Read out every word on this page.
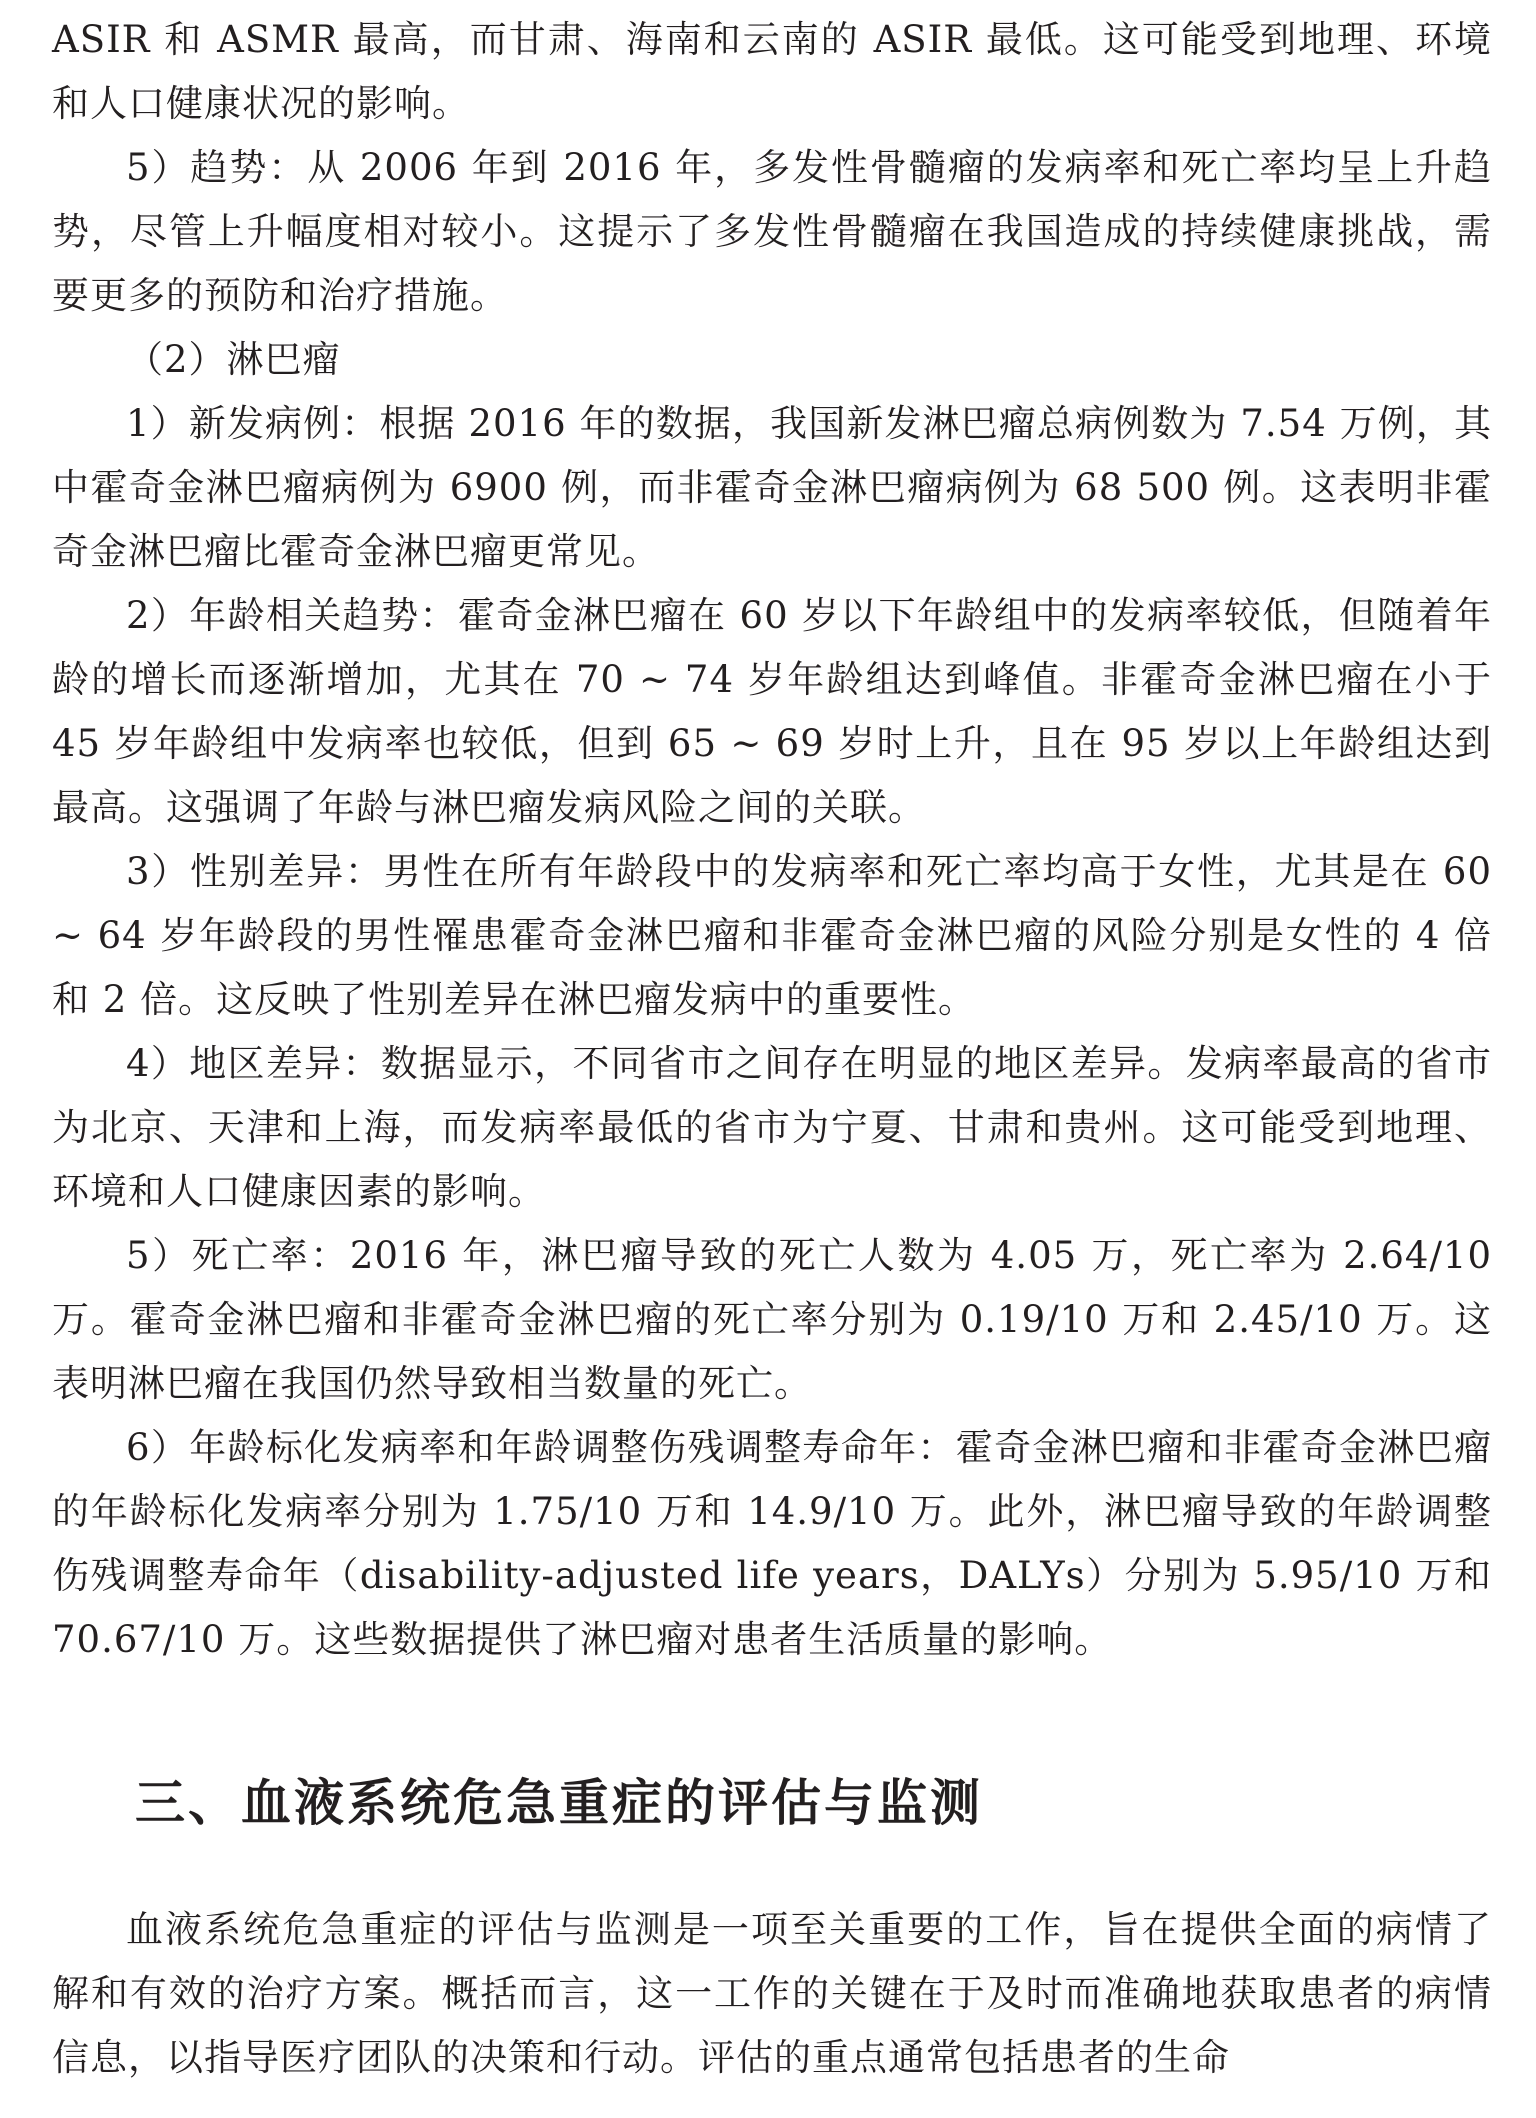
ASIR 和 ASMR 最高，而甘肃、海南和云南的 ASIR 最低。这可能受到地理、环境和人口健康状况的影响。

5）趋势：从 2006 年到 2016 年，多发性骨髓瘤的发病率和死亡率均呈上升趋势，尽管上升幅度相对较小。这提示了多发性骨髓瘤在我国造成的持续健康挑战，需要更多的预防和治疗措施。

（2）淋巴瘤

1）新发病例：根据 2016 年的数据，我国新发淋巴瘤总病例数为 7.54 万例，其中霍奇金淋巴瘤病例为 6900 例，而非霍奇金淋巴瘤病例为 68 500 例。这表明非霍奇金淋巴瘤比霍奇金淋巴瘤更常见。

2）年龄相关趋势：霍奇金淋巴瘤在 60 岁以下年龄组中的发病率较低，但随着年龄的增长而逐渐增加，尤其在 70 ~ 74 岁年龄组达到峰值。非霍奇金淋巴瘤在小于 45 岁年龄组中发病率也较低，但到 65 ~ 69 岁时上升，且在 95 岁以上年龄组达到最高。这强调了年龄与淋巴瘤发病风险之间的关联。

3）性别差异：男性在所有年龄段中的发病率和死亡率均高于女性，尤其是在 60 ~ 64 岁年龄段的男性罹患霍奇金淋巴瘤和非霍奇金淋巴瘤的风险分别是女性的 4 倍和 2 倍。这反映了性别差异在淋巴瘤发病中的重要性。

4）地区差异：数据显示，不同省市之间存在明显的地区差异。发病率最高的省市为北京、天津和上海，而发病率最低的省市为宁夏、甘肃和贵州。这可能受到地理、环境和人口健康因素的影响。

5）死亡率：2016 年，淋巴瘤导致的死亡人数为 4.05 万，死亡率为 2.64/10 万。霍奇金淋巴瘤和非霍奇金淋巴瘤的死亡率分别为 0.19/10 万和 2.45/10 万。这表明淋巴瘤在我国仍然导致相当数量的死亡。

6）年龄标化发病率和年龄调整伤残调整寿命年：霍奇金淋巴瘤和非霍奇金淋巴瘤的年龄标化发病率分别为 1.75/10 万和 14.9/10 万。此外，淋巴瘤导致的年龄调整伤残调整寿命年（disability-adjusted life years，DALYs）分别为 5.95/10 万和 70.67/10 万。这些数据提供了淋巴瘤对患者生活质量的影响。

三、血液系统危急重症的评估与监测

血液系统危急重症的评估与监测是一项至关重要的工作，旨在提供全面的病情了解和有效的治疗方案。概括而言，这一工作的关键在于及时而准确地获取患者的病情信息，以指导医疗团队的决策和行动。评估的重点通常包括患者的生命
